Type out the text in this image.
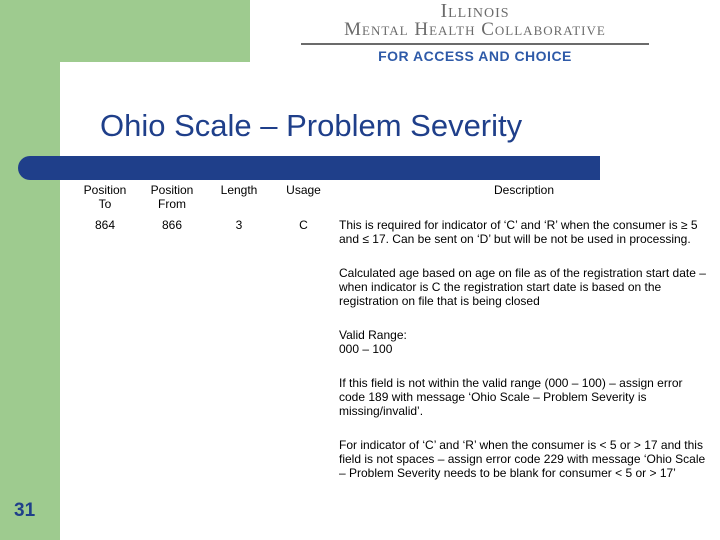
Illinois
Mental Health Collaborative
FOR ACCESS AND CHOICE
Ohio Scale – Problem Severity
Position To	Position From	Length	Usage	Description
864	866	3	C	This is required for indicator of ‘C’ and ‘R’ when the consumer is ≥ 5 and ≤ 17. Can be sent on ‘D’ but will be not be used in processing.

Calculated age based on age on file as of the registration start date – when indicator is C the registration start date is based on the registration on file that is being closed

Valid Range: 000 – 100

If this field is not within the valid range (000 – 100) – assign error code 189 with message ‘Ohio Scale – Problem Severity is missing/invalid’.

For indicator of ‘C’ and ‘R’ when the consumer is < 5 or > 17 and this field is not spaces – assign error code 229 with message ‘Ohio Scale – Problem Severity needs to be blank for consumer < 5 or > 17’

31
